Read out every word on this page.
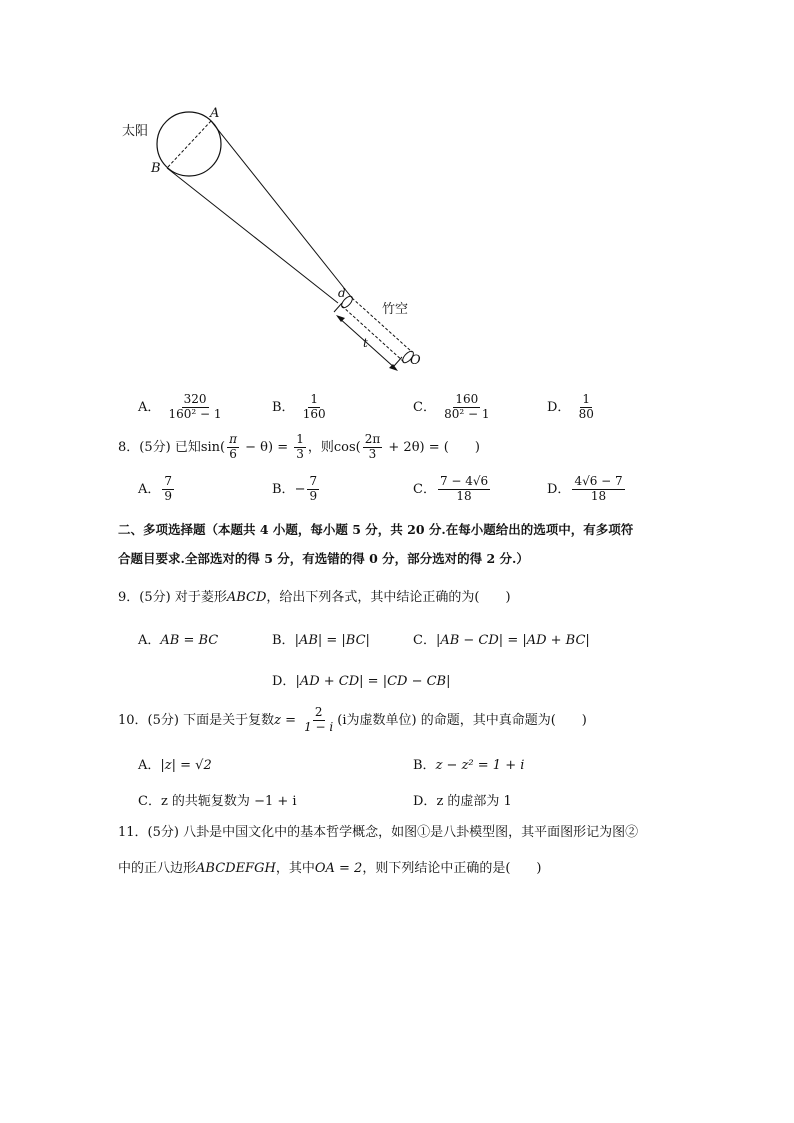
太阳
A
B
d
竹空
t
O
A． $\frac{320}{\text{160² − 1}}$	B． $\frac{1}{160}$	C． $\frac{160}{\text{80² − 1}}$	D． $\frac{1}{80}$
8．(5分) 已知$\sin( \frac{\pi}{6} - \theta) = \frac{1}{3}$ ，则$\cos( \frac{2\pi}{3} + 2\theta)$ = (　　)
A． $\frac{7}{9}$	B．− $\frac{7}{9}$	C． $\frac{7 - 4√6}{18}$	D． $\frac{4√6 - 7}{18}$
二、多项选择题（本题共 4 小题，每小题 5 分，共 20 分.在每小题给出的选项中，有多项符
合题目要求.全部选对的得 5 分，有选错的得 0 分，部分选对的得 2 分.）
9．(5分) 对于菱形ABCD，给出下列各式，其中结论正确的为(　　)
A．AB = BC	B．|AB| = |BC|	C．|AB − CD| = |AD + BC|
D．|AD + CD| = |CD − CB|
10．(5分) 下面是关于复数$z = \frac{2}{1 - i} (i$为虚数单位) 的命题，其中真命题为(　　)
A．|z| = √2	B．z − z² = 1 + i
C．z 的共轭复数为 −1 + i	D．z 的虚部为 1
11．(5分) 八卦是中国文化中的基本哲学概念，如图①是八卦模型图，其平面图形记为图②
中的正八边形ABCDEFGH，其中OA = 2，则下列结论中正确的是(　　)
